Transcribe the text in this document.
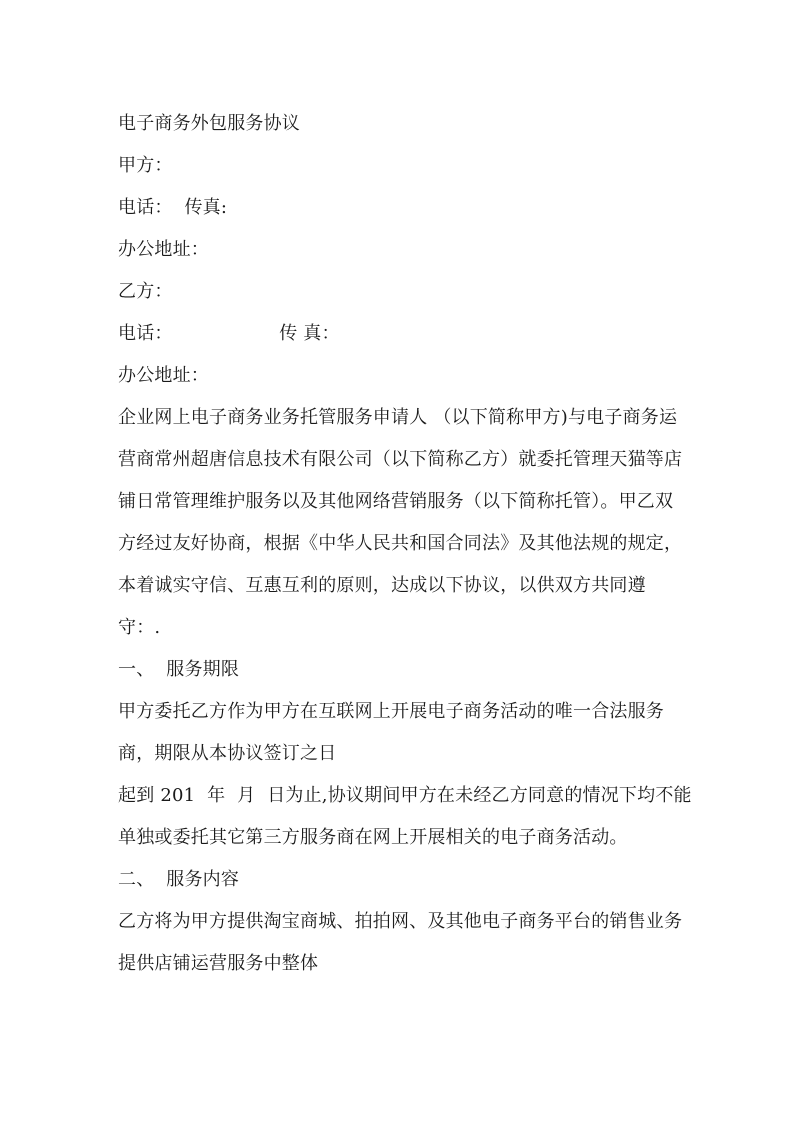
电子商务外包服务协议
甲方：
电话：  传真:
办公地址：
乙方：
电话：                  传 真：
办公地址：
企业网上电子商务业务托管服务申请人 （以下简称甲方)与电子商务运
营商常州超唐信息技术有限公司（以下简称乙方）就委托管理天猫等店
铺日常管理维护服务以及其他网络营销服务（以下简称托管）。甲乙双
方经过友好协商，根据《中华人民共和国合同法》及其他法规的规定，
本着诚实守信、互惠互利的原则，达成以下协议，以供双方共同遵
守：.
一、  服务期限
甲方委托乙方作为甲方在互联网上开展电子商务活动的唯一合法服务
商，期限从本协议签订之日
起到 201  年  月  日为止,协议期间甲方在未经乙方同意的情况下均不能
单独或委托其它第三方服务商在网上开展相关的电子商务活动。
二、  服务内容
乙方将为甲方提供淘宝商城、拍拍网、及其他电子商务平台的销售业务
提供店铺运营服务中整体
